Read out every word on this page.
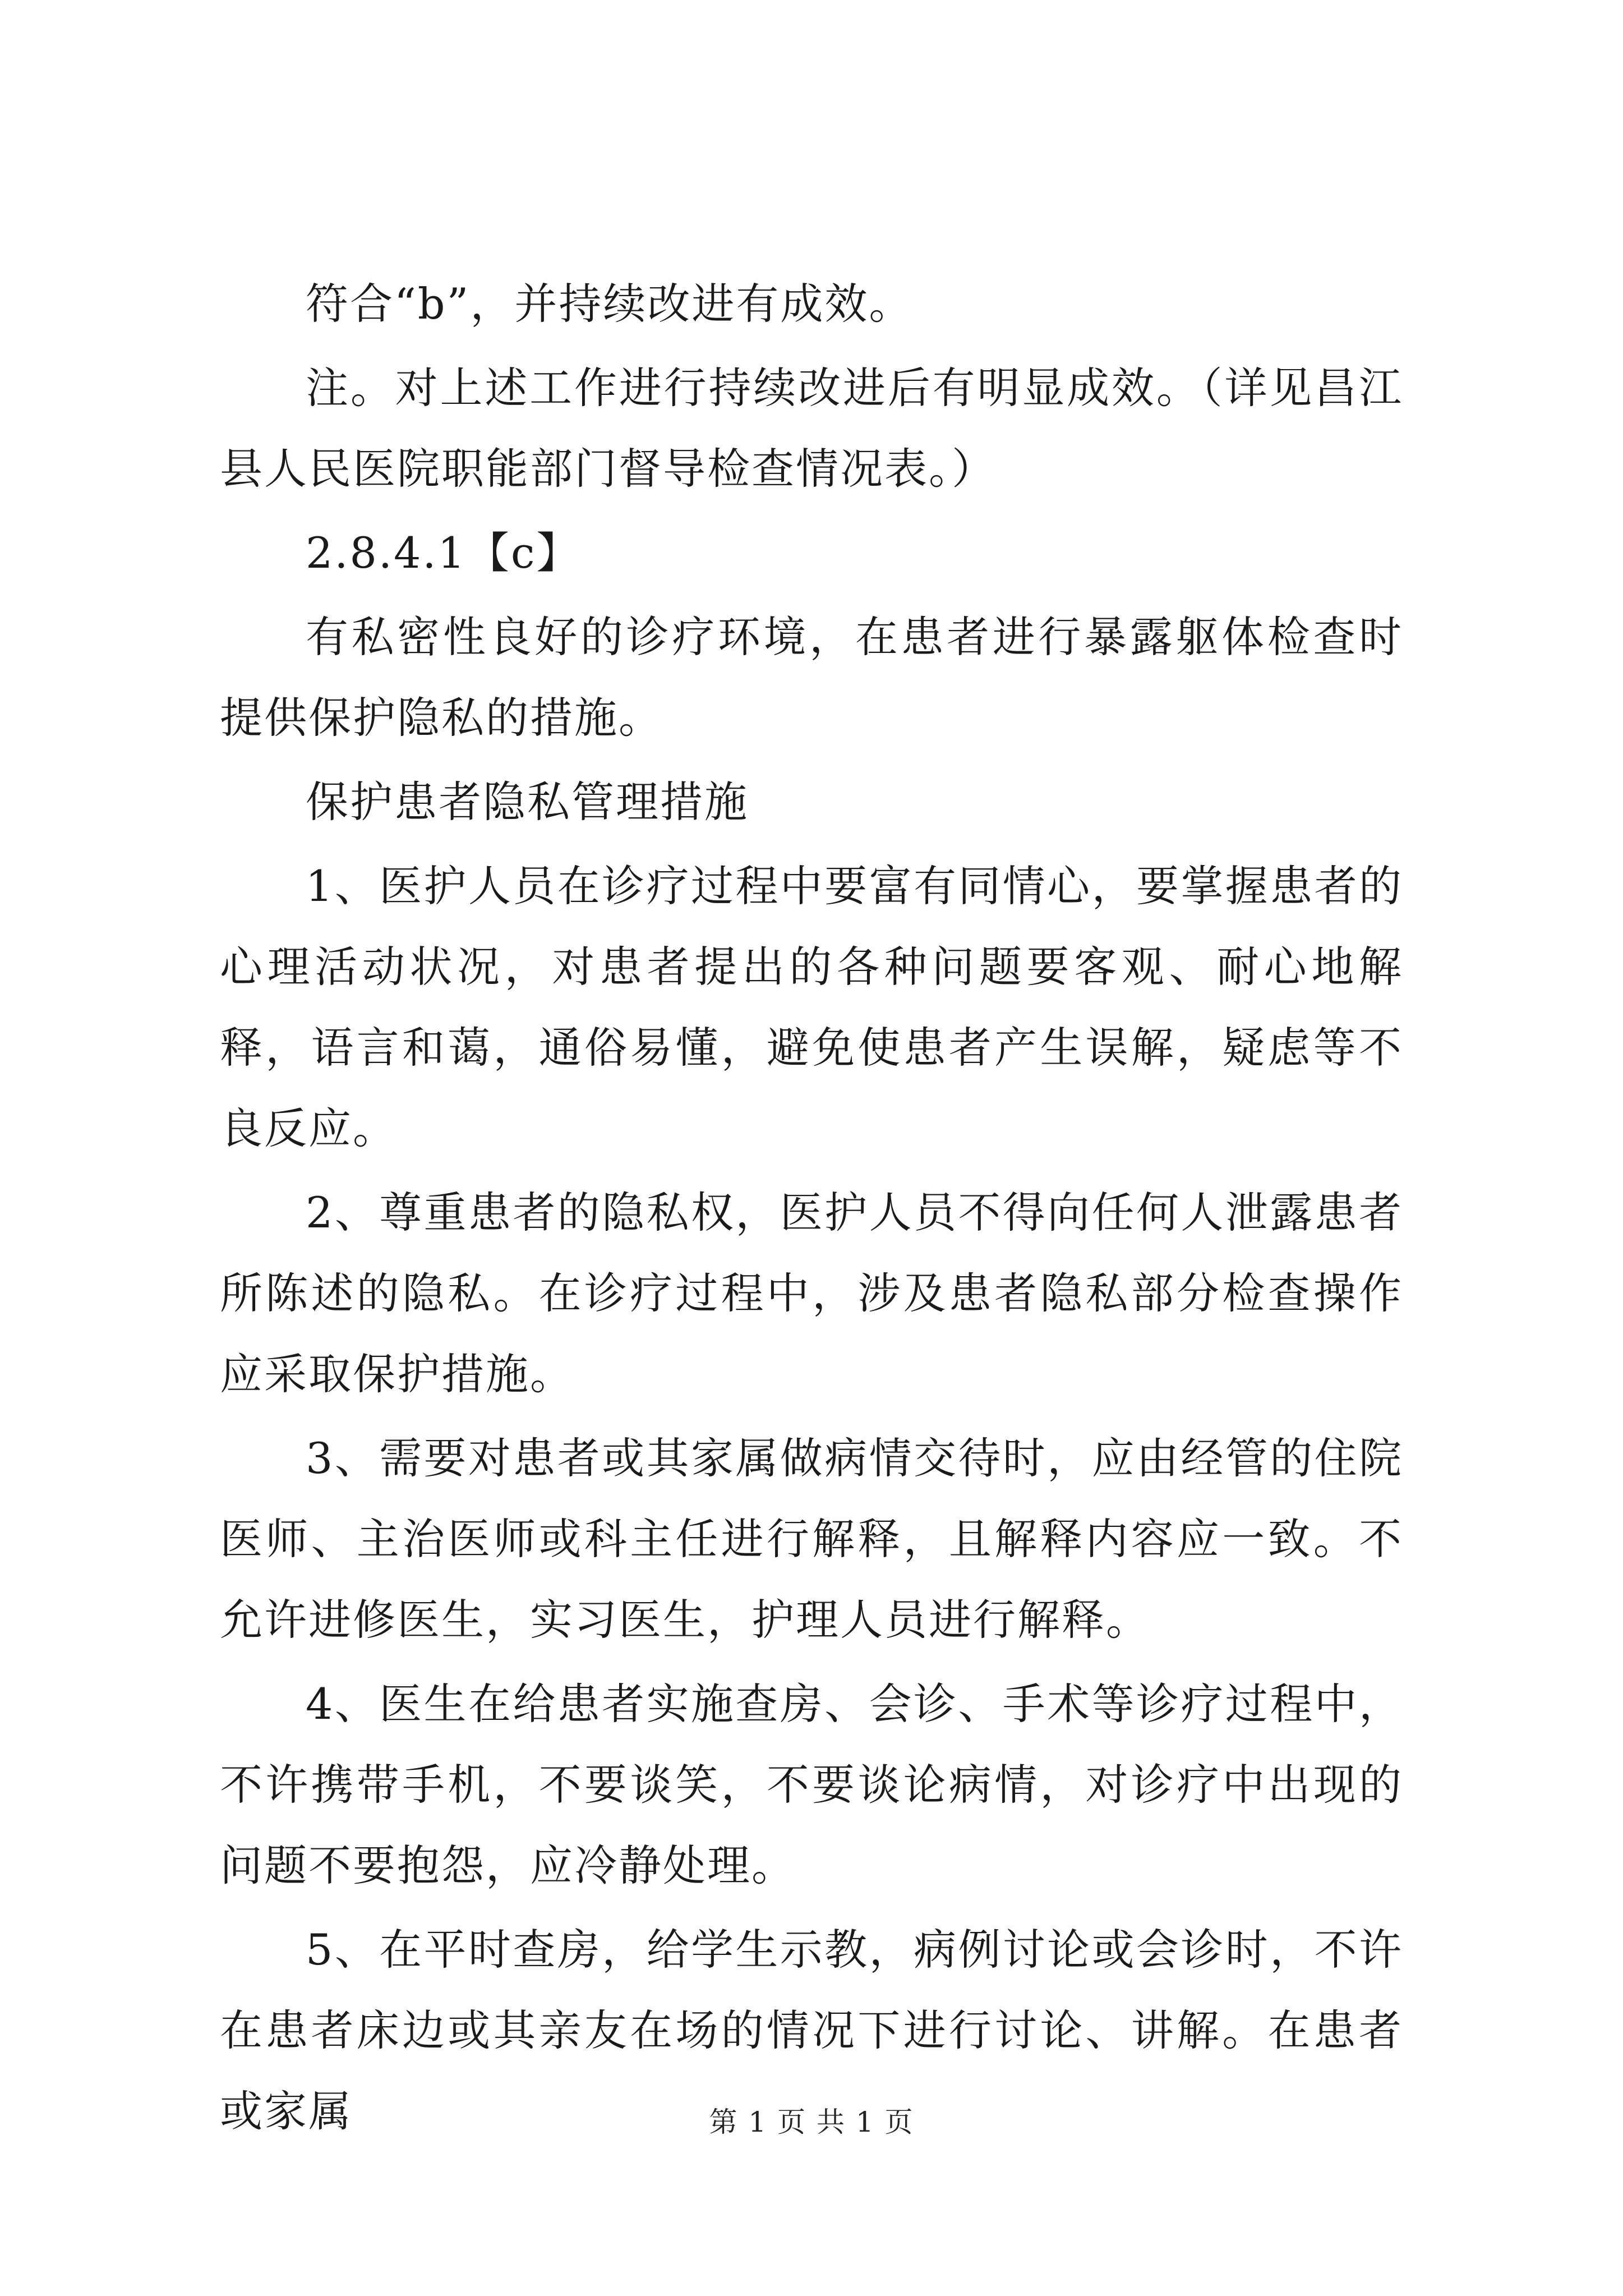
符合“b”，并持续改进有成效。

注。对上述工作进行持续改进后有明显成效。（详见昌江县人民医院职能部门督导检查情况表。）

2.8.4.1【c】

有私密性良好的诊疗环境，在患者进行暴露躯体检查时提供保护隐私的措施。

保护患者隐私管理措施

1、医护人员在诊疗过程中要富有同情心，要掌握患者的心理活动状况，对患者提出的各种问题要客观、耐心地解释，语言和蔼，通俗易懂，避免使患者产生误解，疑虑等不良反应。

2、尊重患者的隐私权，医护人员不得向任何人泄露患者所陈述的隐私。在诊疗过程中，涉及患者隐私部分检查操作应采取保护措施。

3、需要对患者或其家属做病情交待时，应由经管的住院医师、主治医师或科主任进行解释，且解释内容应一致。不允许进修医生，实习医生，护理人员进行解释。

4、医生在给患者实施查房、会诊、手术等诊疗过程中，不许携带手机，不要谈笑，不要谈论病情，对诊疗中出现的问题不要抱怨，应冷静处理。

5、在平时查房，给学生示教，病例讨论或会诊时，不许在患者床边或其亲友在场的情况下进行讨论、讲解。在患者或家属	第 1 页 共 1 页
